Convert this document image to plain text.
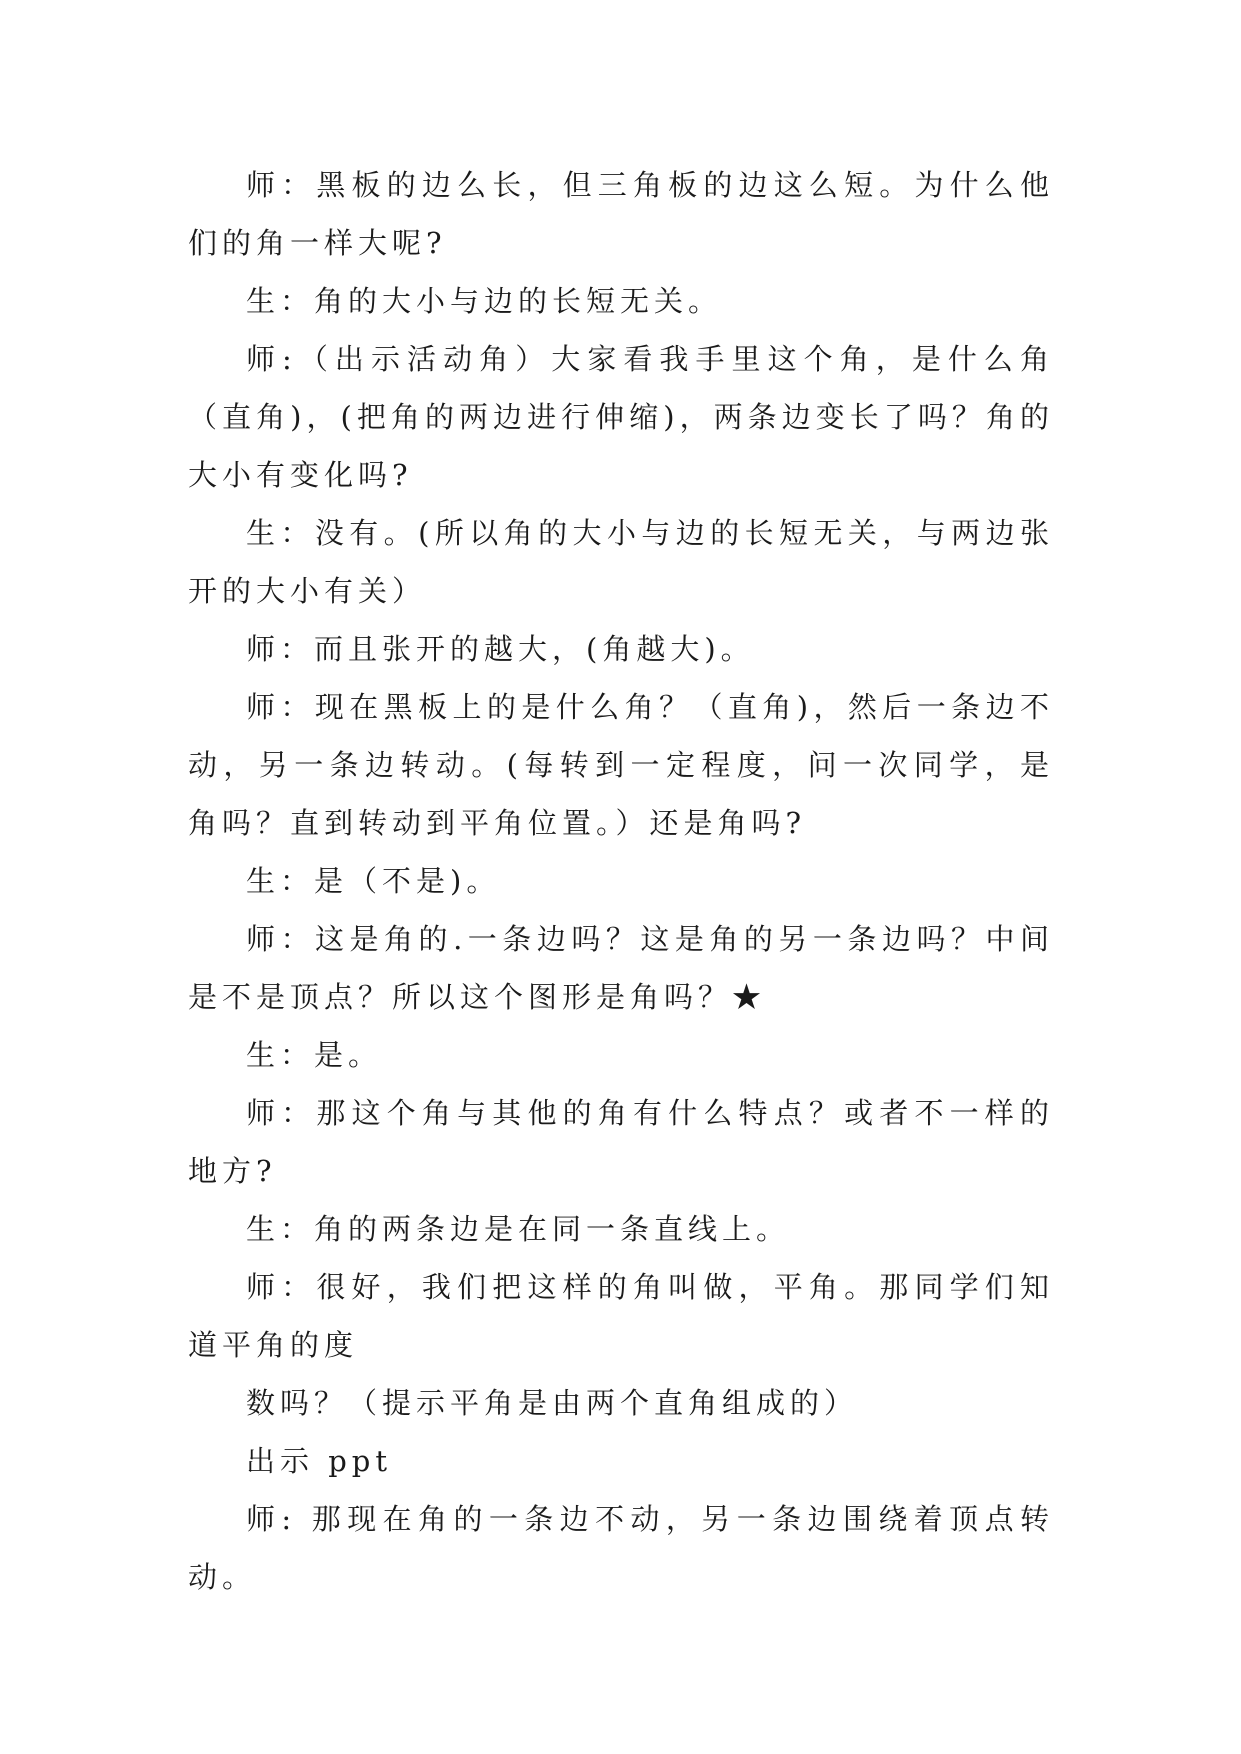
师：黑板的边么长，但三角板的边这么短。为什么他们的角一样大呢?

生：角的大小与边的长短无关。

师:（出示活动角）大家看我手里这个角，是什么角（直角)，(把角的两边进行伸缩)，两条边变长了吗？角的大小有变化吗?

生：没有。(所以角的大小与边的长短无关，与两边张开的大小有关）

师：而且张开的越大，(角越大)。

师：现在黑板上的是什么角？（直角)，然后一条边不动，另一条边转动。(每转到一定程度，问一次同学，是角吗？直到转动到平角位置。）还是角吗?

生：是（不是)。

师：这是角的.一条边吗？这是角的另一条边吗？中间是不是顶点？所以这个图形是角吗？★

生：是。

师：那这个角与其他的角有什么特点？或者不一样的地方?

生：角的两条边是在同一条直线上。

师：很好，我们把这样的角叫做，平角。那同学们知道平角的度

数吗？（提示平角是由两个直角组成的）

出示 ppt

师: 那现在角的一条边不动，另一条边围绕着顶点转动。
